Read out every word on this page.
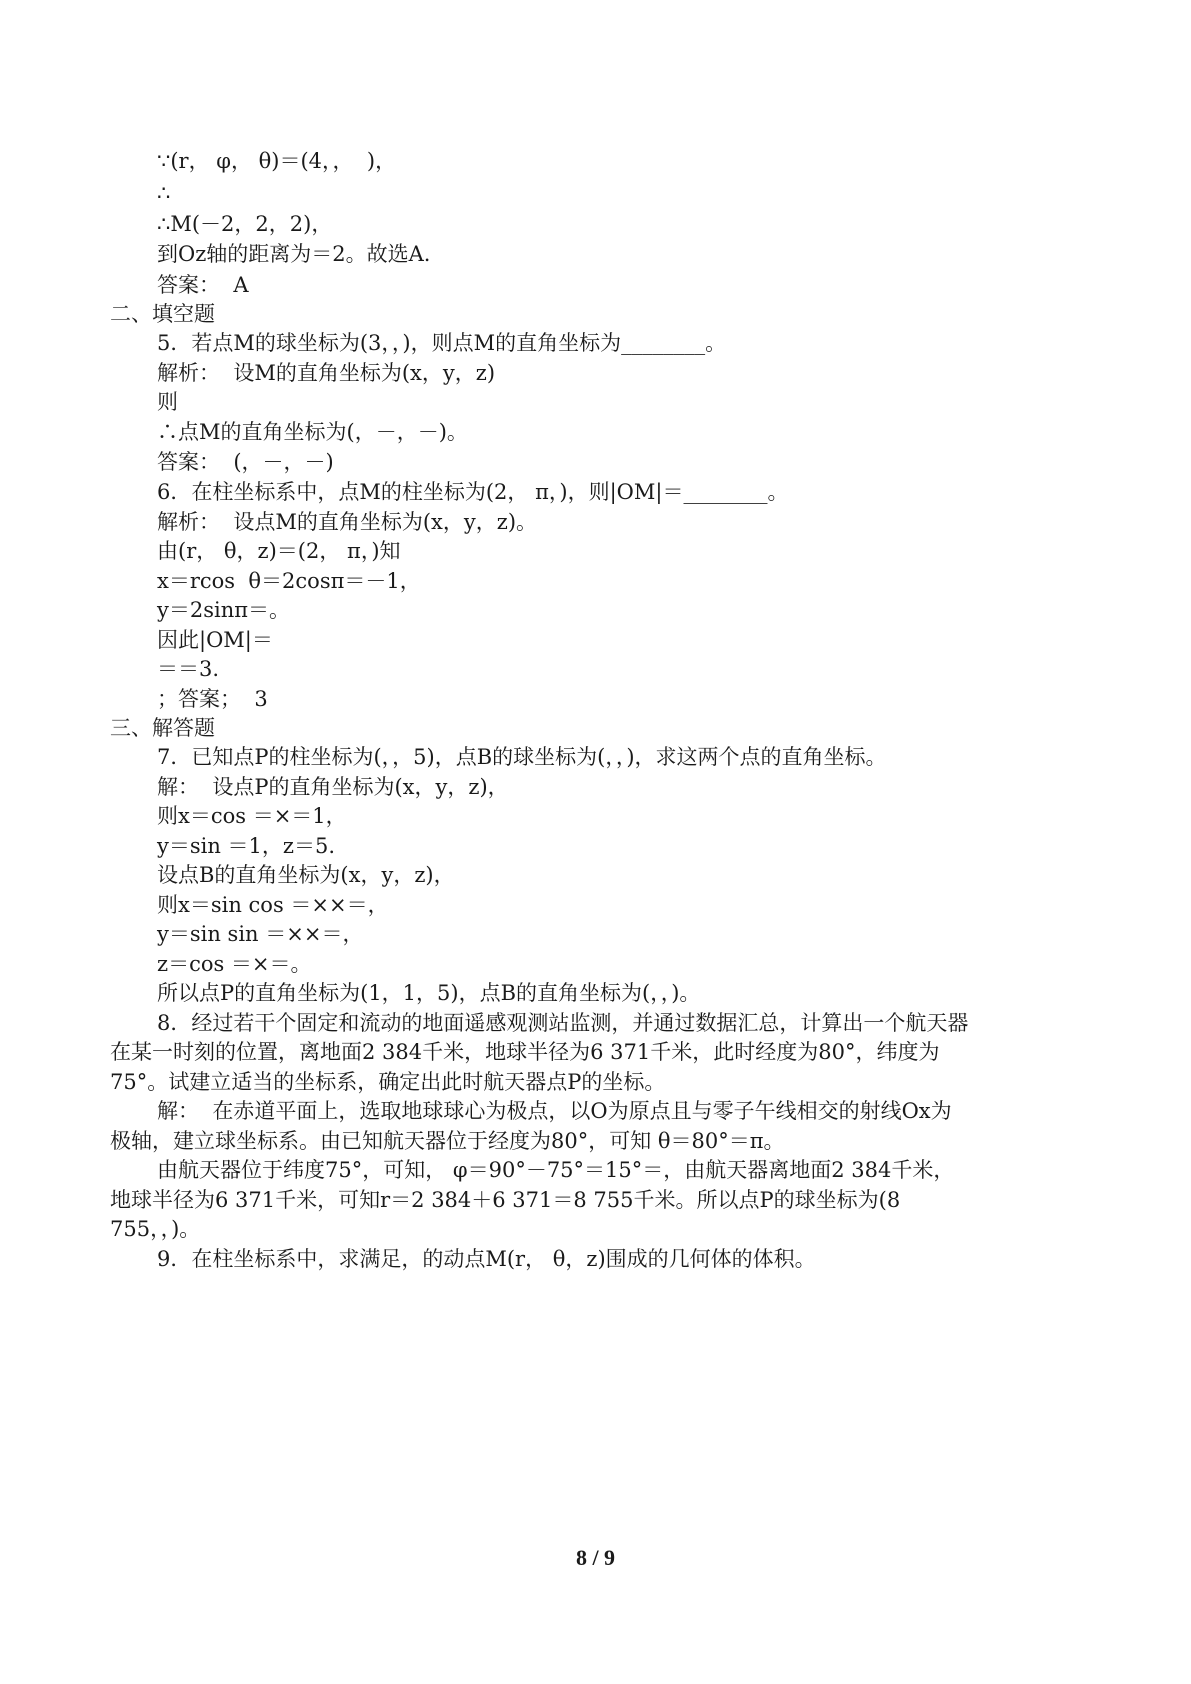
∵(r， φ， θ)＝(4，，  )，

∴

∴M(－2，2，2)，

到Oz轴的距离为＝2。故选A.

答案：  A

二、填空题

5．若点M的球坐标为(3，，)，则点M的直角坐标为________。

解析：  设M的直角坐标为(x，y，z)

则

∴点M的直角坐标为(，－，－)。

答案：  (，－，－)

6．在柱坐标系中，点M的柱坐标为(2， π，)，则|OM|＝________。

解析：  设点M的直角坐标为(x，y，z)。

由(r， θ，z)＝(2， π，)知

x＝rcos  θ＝2cosπ＝－1，

y＝2sinπ＝。

因此|OM|＝

＝＝3.

；答案；  3

三、解答题

7．已知点P的柱坐标为(，，5)，点B的球坐标为(，，)，求这两个点的直角坐标。

解：  设点P的直角坐标为(x，y，z)，

则x＝cos ＝×＝1，

y＝sin ＝1，z＝5.

设点B的直角坐标为(x，y，z)，

则x＝sin cos ＝××＝，

y＝sin sin ＝××＝，

z＝cos ＝×＝。

所以点P的直角坐标为(1，1，5)，点B的直角坐标为(，，)。

8．经过若干个固定和流动的地面遥感观测站监测，并通过数据汇总，计算出一个航天器

在某一时刻的位置，离地面2 384千米，地球半径为6 371千米，此时经度为80°，纬度为

75°。试建立适当的坐标系，确定出此时航天器点P的坐标。

解：  在赤道平面上，选取地球球心为极点，以O为原点且与零子午线相交的射线Ox为

极轴，建立球坐标系。由已知航天器位于经度为80°，可知 θ＝80°＝π。

由航天器位于纬度75°，可知， φ＝90°－75°＝15°＝，由航天器离地面2 384千米，

地球半径为6 371千米，可知r＝2 384＋6 371＝8 755千米。所以点P的球坐标为(8

755，，)。

9．在柱坐标系中，求满足，的动点M(r， θ，z)围成的几何体的体积。

8 / 9
